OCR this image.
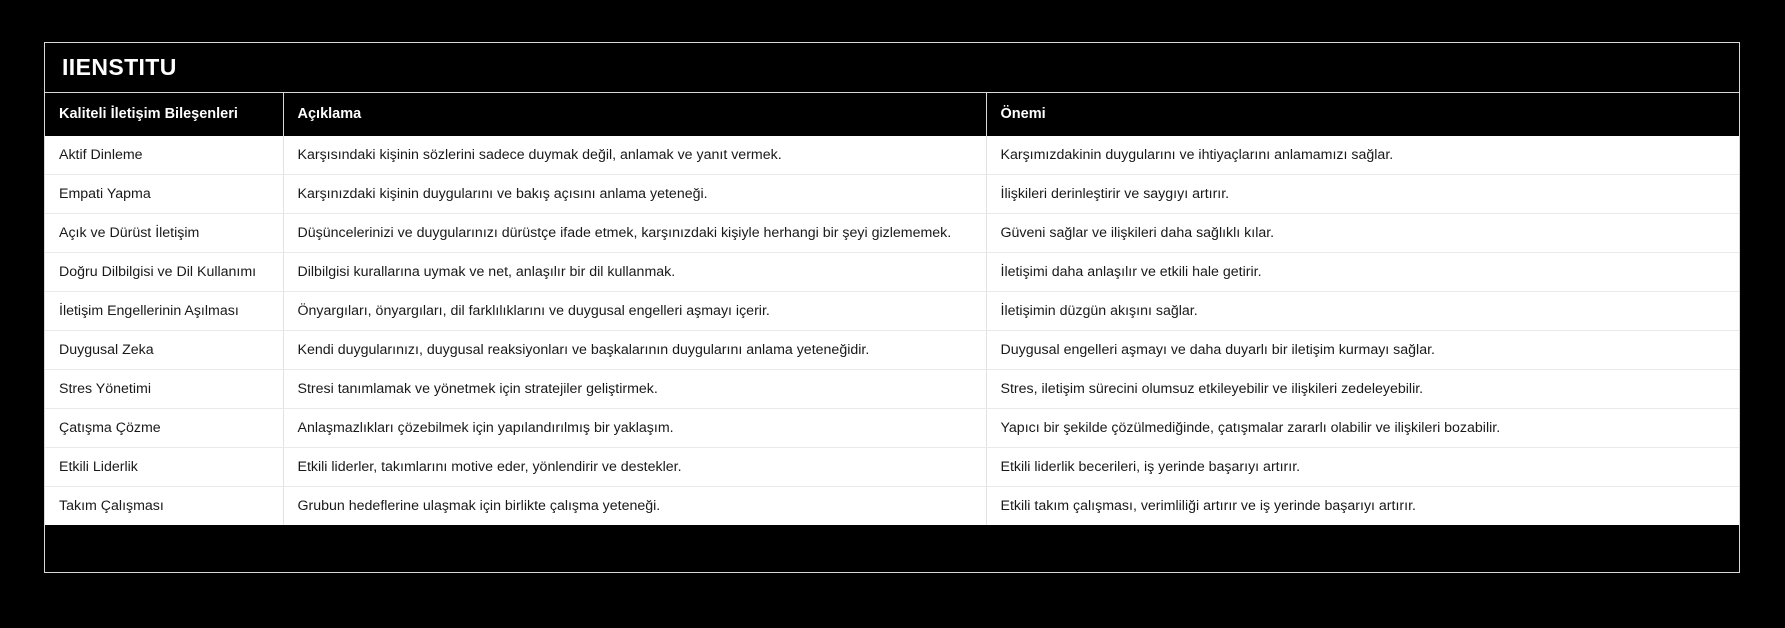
IIENSTITU
Kaliteli İletişim Bileşenleri	Açıklama	Önemi
Aktif Dinleme	Karşısındaki kişinin sözlerini sadece duymak değil, anlamak ve yanıt vermek.	Karşımızdakinin duygularını ve ihtiyaçlarını anlamamızı sağlar.
Empati Yapma	Karşınızdaki kişinin duygularını ve bakış açısını anlama yeteneği.	İlişkileri derinleştirir ve saygıyı artırır.
Açık ve Dürüst İletişim	Düşüncelerinizi ve duygularınızı dürüstçe ifade etmek, karşınızdaki kişiyle herhangi bir şeyi gizlememek.	Güveni sağlar ve ilişkileri daha sağlıklı kılar.
Doğru Dilbilgisi ve Dil Kullanımı	Dilbilgisi kurallarına uymak ve net, anlaşılır bir dil kullanmak.	İletişimi daha anlaşılır ve etkili hale getirir.
İletişim Engellerinin Aşılması	Önyargıları, önyargıları, dil farklılıklarını ve duygusal engelleri aşmayı içerir.	İletişimin düzgün akışını sağlar.
Duygusal Zeka	Kendi duygularınızı, duygusal reaksiyonları ve başkalarının duygularını anlama yeteneğidir.	Duygusal engelleri aşmayı ve daha duyarlı bir iletişim kurmayı sağlar.
Stres Yönetimi	Stresi tanımlamak ve yönetmek için stratejiler geliştirmek.	Stres, iletişim sürecini olumsuz etkileyebilir ve ilişkileri zedeleyebilir.
Çatışma Çözme	Anlaşmazlıkları çözebilmek için yapılandırılmış bir yaklaşım.	Yapıcı bir şekilde çözülmediğinde, çatışmalar zararlı olabilir ve ilişkileri bozabilir.
Etkili Liderlik	Etkili liderler, takımlarını motive eder, yönlendirir ve destekler.	Etkili liderlik becerileri, iş yerinde başarıyı artırır.
Takım Çalışması	Grubun hedeflerine ulaşmak için birlikte çalışma yeteneği.	Etkili takım çalışması, verimliliği artırır ve iş yerinde başarıyı artırır.
